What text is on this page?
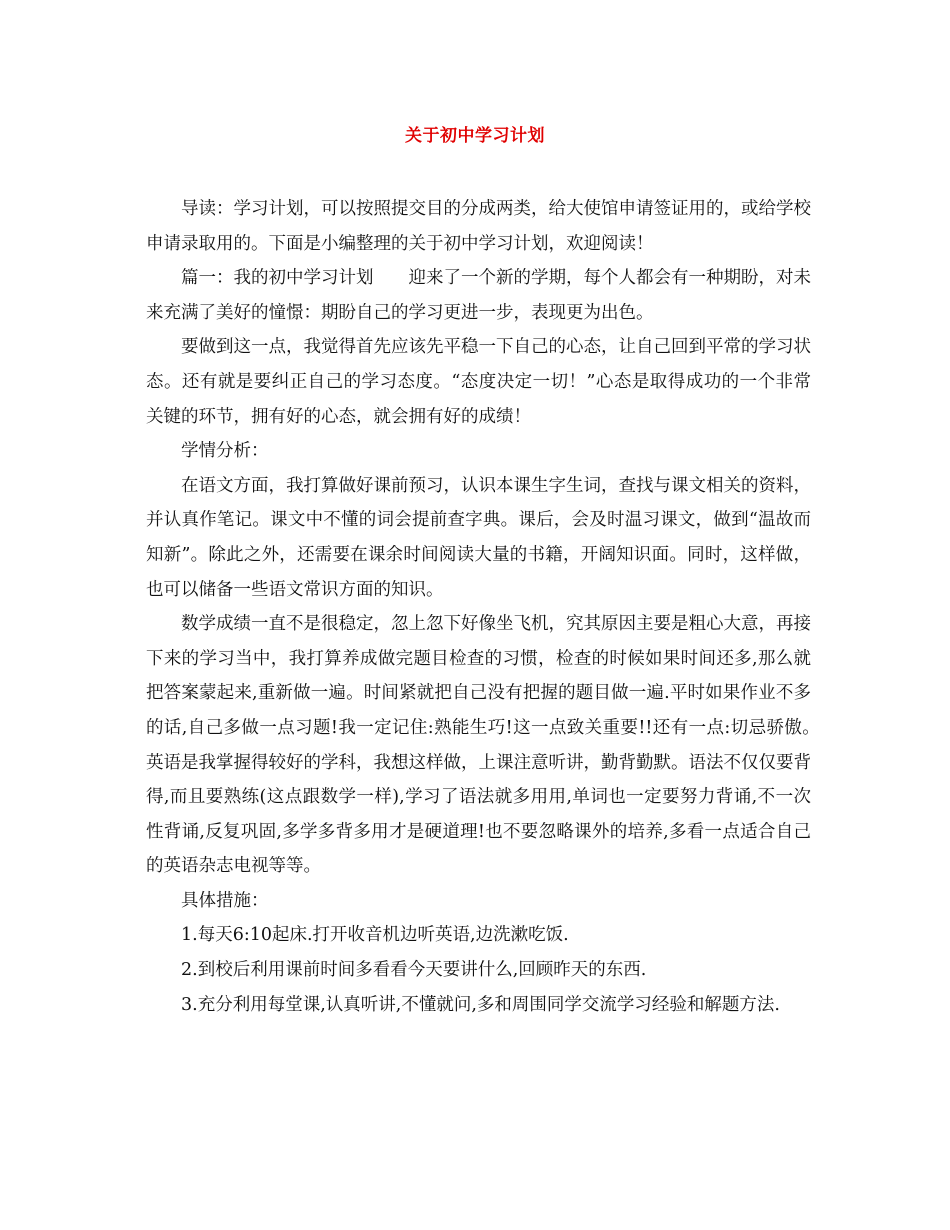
关于初中学习计划

导读：学习计划，可以按照提交目的分成两类，给大使馆申请签证用的，或给学校申请录取用的。下面是小编整理的关于初中学习计划，欢迎阅读！

篇一：我的初中学习计划　　迎来了一个新的学期，每个人都会有一种期盼，对未来充满了美好的憧憬：期盼自己的学习更进一步，表现更为出色。

要做到这一点，我觉得首先应该先平稳一下自己的心态，让自己回到平常的学习状态。还有就是要纠正自己的学习态度。“态度决定一切！”心态是取得成功的一个非常关键的环节，拥有好的心态，就会拥有好的成绩！

学情分析：

在语文方面，我打算做好课前预习，认识本课生字生词，查找与课文相关的资料，并认真作笔记。课文中不懂的词会提前查字典。课后，会及时温习课文，做到“温故而知新”。除此之外，还需要在课余时间阅读大量的书籍，开阔知识面。同时，这样做，也可以储备一些语文常识方面的知识。

数学成绩一直不是很稳定，忽上忽下好像坐飞机，究其原因主要是粗心大意，再接下来的学习当中，我打算养成做完题目检查的习惯，检查的时候如果时间还多,那么就把答案蒙起来,重新做一遍。时间紧就把自己没有把握的题目做一遍.平时如果作业不多的话,自己多做一点习题!我一定记住:熟能生巧!这一点致关重要!!还有一点:切忌骄傲。　英语是我掌握得较好的学科，我想这样做，上课注意听讲，勤背勤默。语法不仅仅要背得,而且要熟练(这点跟数学一样),学习了语法就多用用,单词也一定要努力背诵,不一次性背诵,反复巩固,多学多背多用才是硬道理!也不要忽略课外的培养,多看一点适合自己的英语杂志电视等等。

具体措施：

1.每天6:10起床.打开收音机边听英语,边洗漱吃饭.

2.到校后利用课前时间多看看今天要讲什么,回顾昨天的东西.

3.充分利用每堂课,认真听讲,不懂就问,多和周围同学交流学习经验和解题方法.
